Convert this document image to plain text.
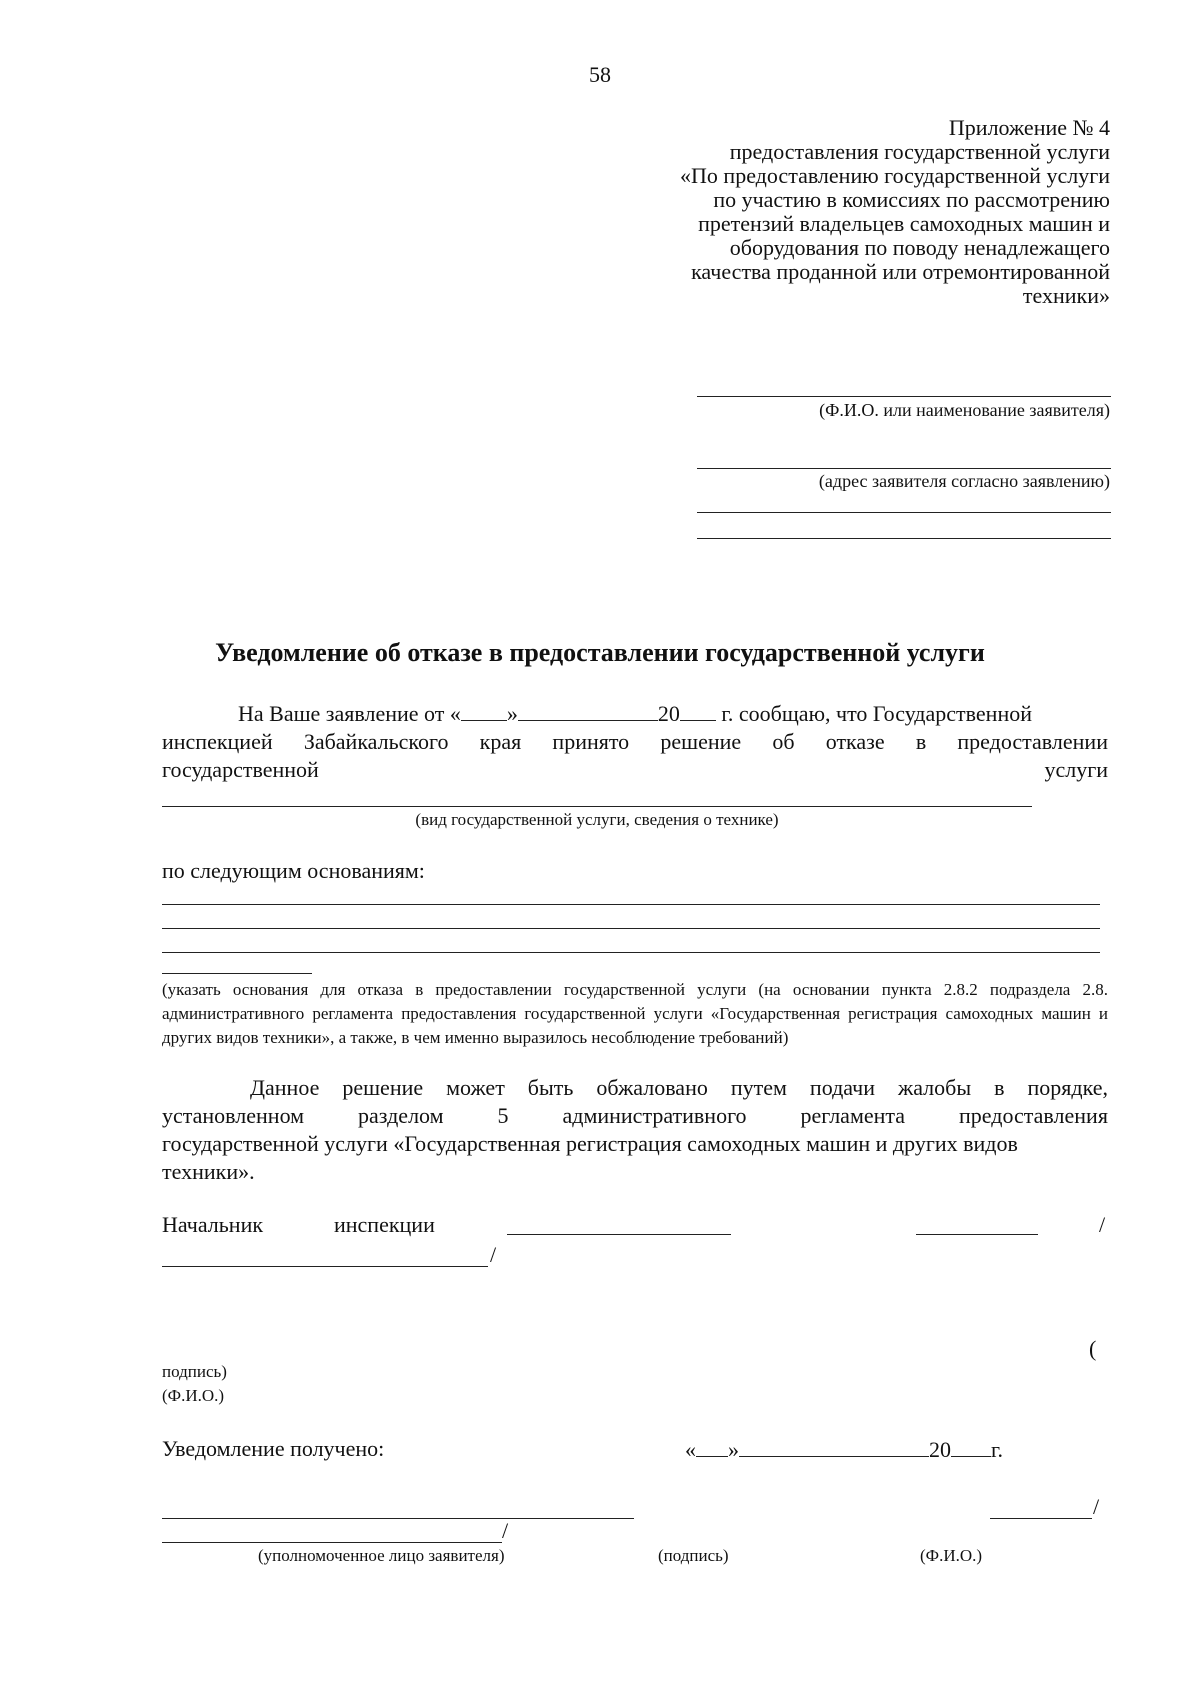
58
Приложение № 4
предоставления государственной услуги
«По предоставлению государственной услуги
по участию в комиссиях по рассмотрению
претензий владельцев самоходных машин и
оборудования по поводу ненадлежащего
качества проданной или отремонтированной
техники»
(Ф.И.О. или наименование заявителя)
(адрес заявителя согласно заявлению)
Уведомление об отказе в предоставлении государственной услуги
На Ваше заявление от « »	20 г. сообщаю, что Государственной
инспекцией Забайкальского края принято решение об отказе в предоставлении
государственной	услуги
(вид государственной услуги, сведения о технике)
по следующим основаниям:
(указать основания для отказа в предоставлении государственной услуги (на основании пункта 2.8.2 подраздела 2.8. административного регламента предоставления государственной услуги «Государственная регистрация самоходных машин и других видов техники», а также, в чем именно выразилось несоблюдение требований)
Данное решение может быть обжаловано путем подачи жалобы в порядке,
установленном разделом 5 административного регламента предоставления
государственной услуги «Государственная регистрация самоходных машин и других видов
техники».
Начальник	инспекции	/
/
(
подпись)
(Ф.И.О.)
Уведомление получено:	« »	20 г.
/
/
(уполномоченное лицо заявителя)	(подпись)	(Ф.И.О.)
